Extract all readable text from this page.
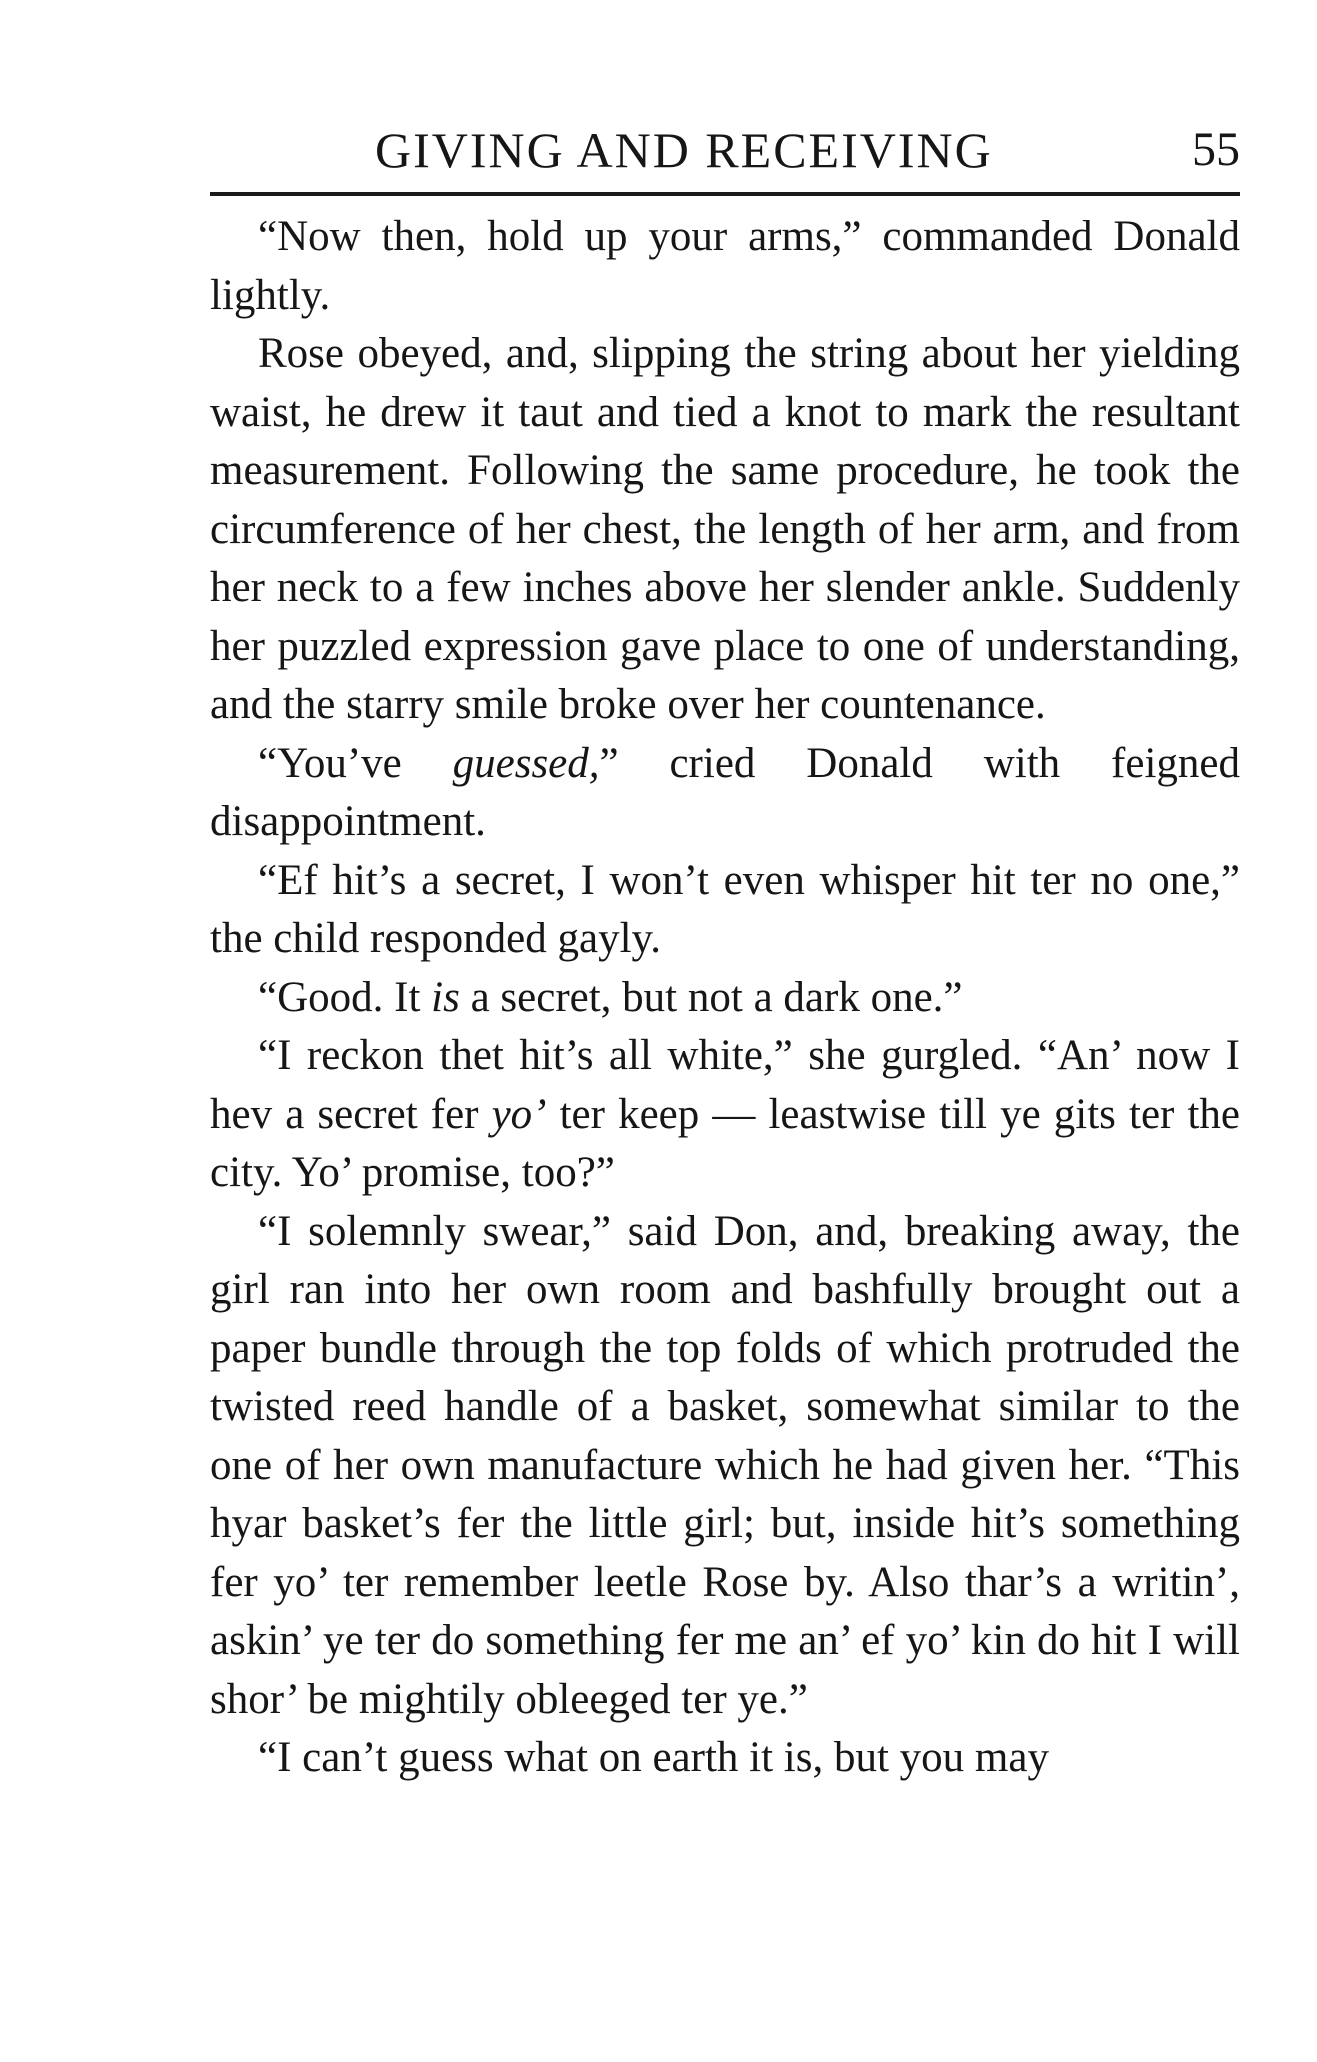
GIVING AND RECEIVING	55

“Now then, hold up your arms,” commanded Donald lightly.

Rose obeyed, and, slipping the string about her yielding waist, he drew it taut and tied a knot to mark the resultant measurement. Following the same procedure, he took the circumference of her chest, the length of her arm, and from her neck to a few inches above her slender ankle. Suddenly her puzzled expression gave place to one of understanding, and the starry smile broke over her countenance.

“You’ve guessed,” cried Donald with feigned disappointment.

“Ef hit’s a secret, I won’t even whisper hit ter no one,” the child responded gayly.

“Good. It is a secret, but not a dark one.”

“I reckon thet hit’s all white,” she gurgled. “An’ now I hev a secret fer yo’ ter keep — leastwise till ye gits ter the city. Yo’ promise, too?”

“I solemnly swear,” said Don, and, breaking away, the girl ran into her own room and bashfully brought out a paper bundle through the top folds of which protruded the twisted reed handle of a basket, somewhat similar to the one of her own manufacture which he had given her. “This hyar basket’s fer the little girl; but, inside hit’s something fer yo’ ter remember leetle Rose by. Also thar’s a writin’, askin’ ye ter do something fer me an’ ef yo’ kin do hit I will shor’ be mightily obleeged ter ye.”

“I can’t guess what on earth it is, but you may
